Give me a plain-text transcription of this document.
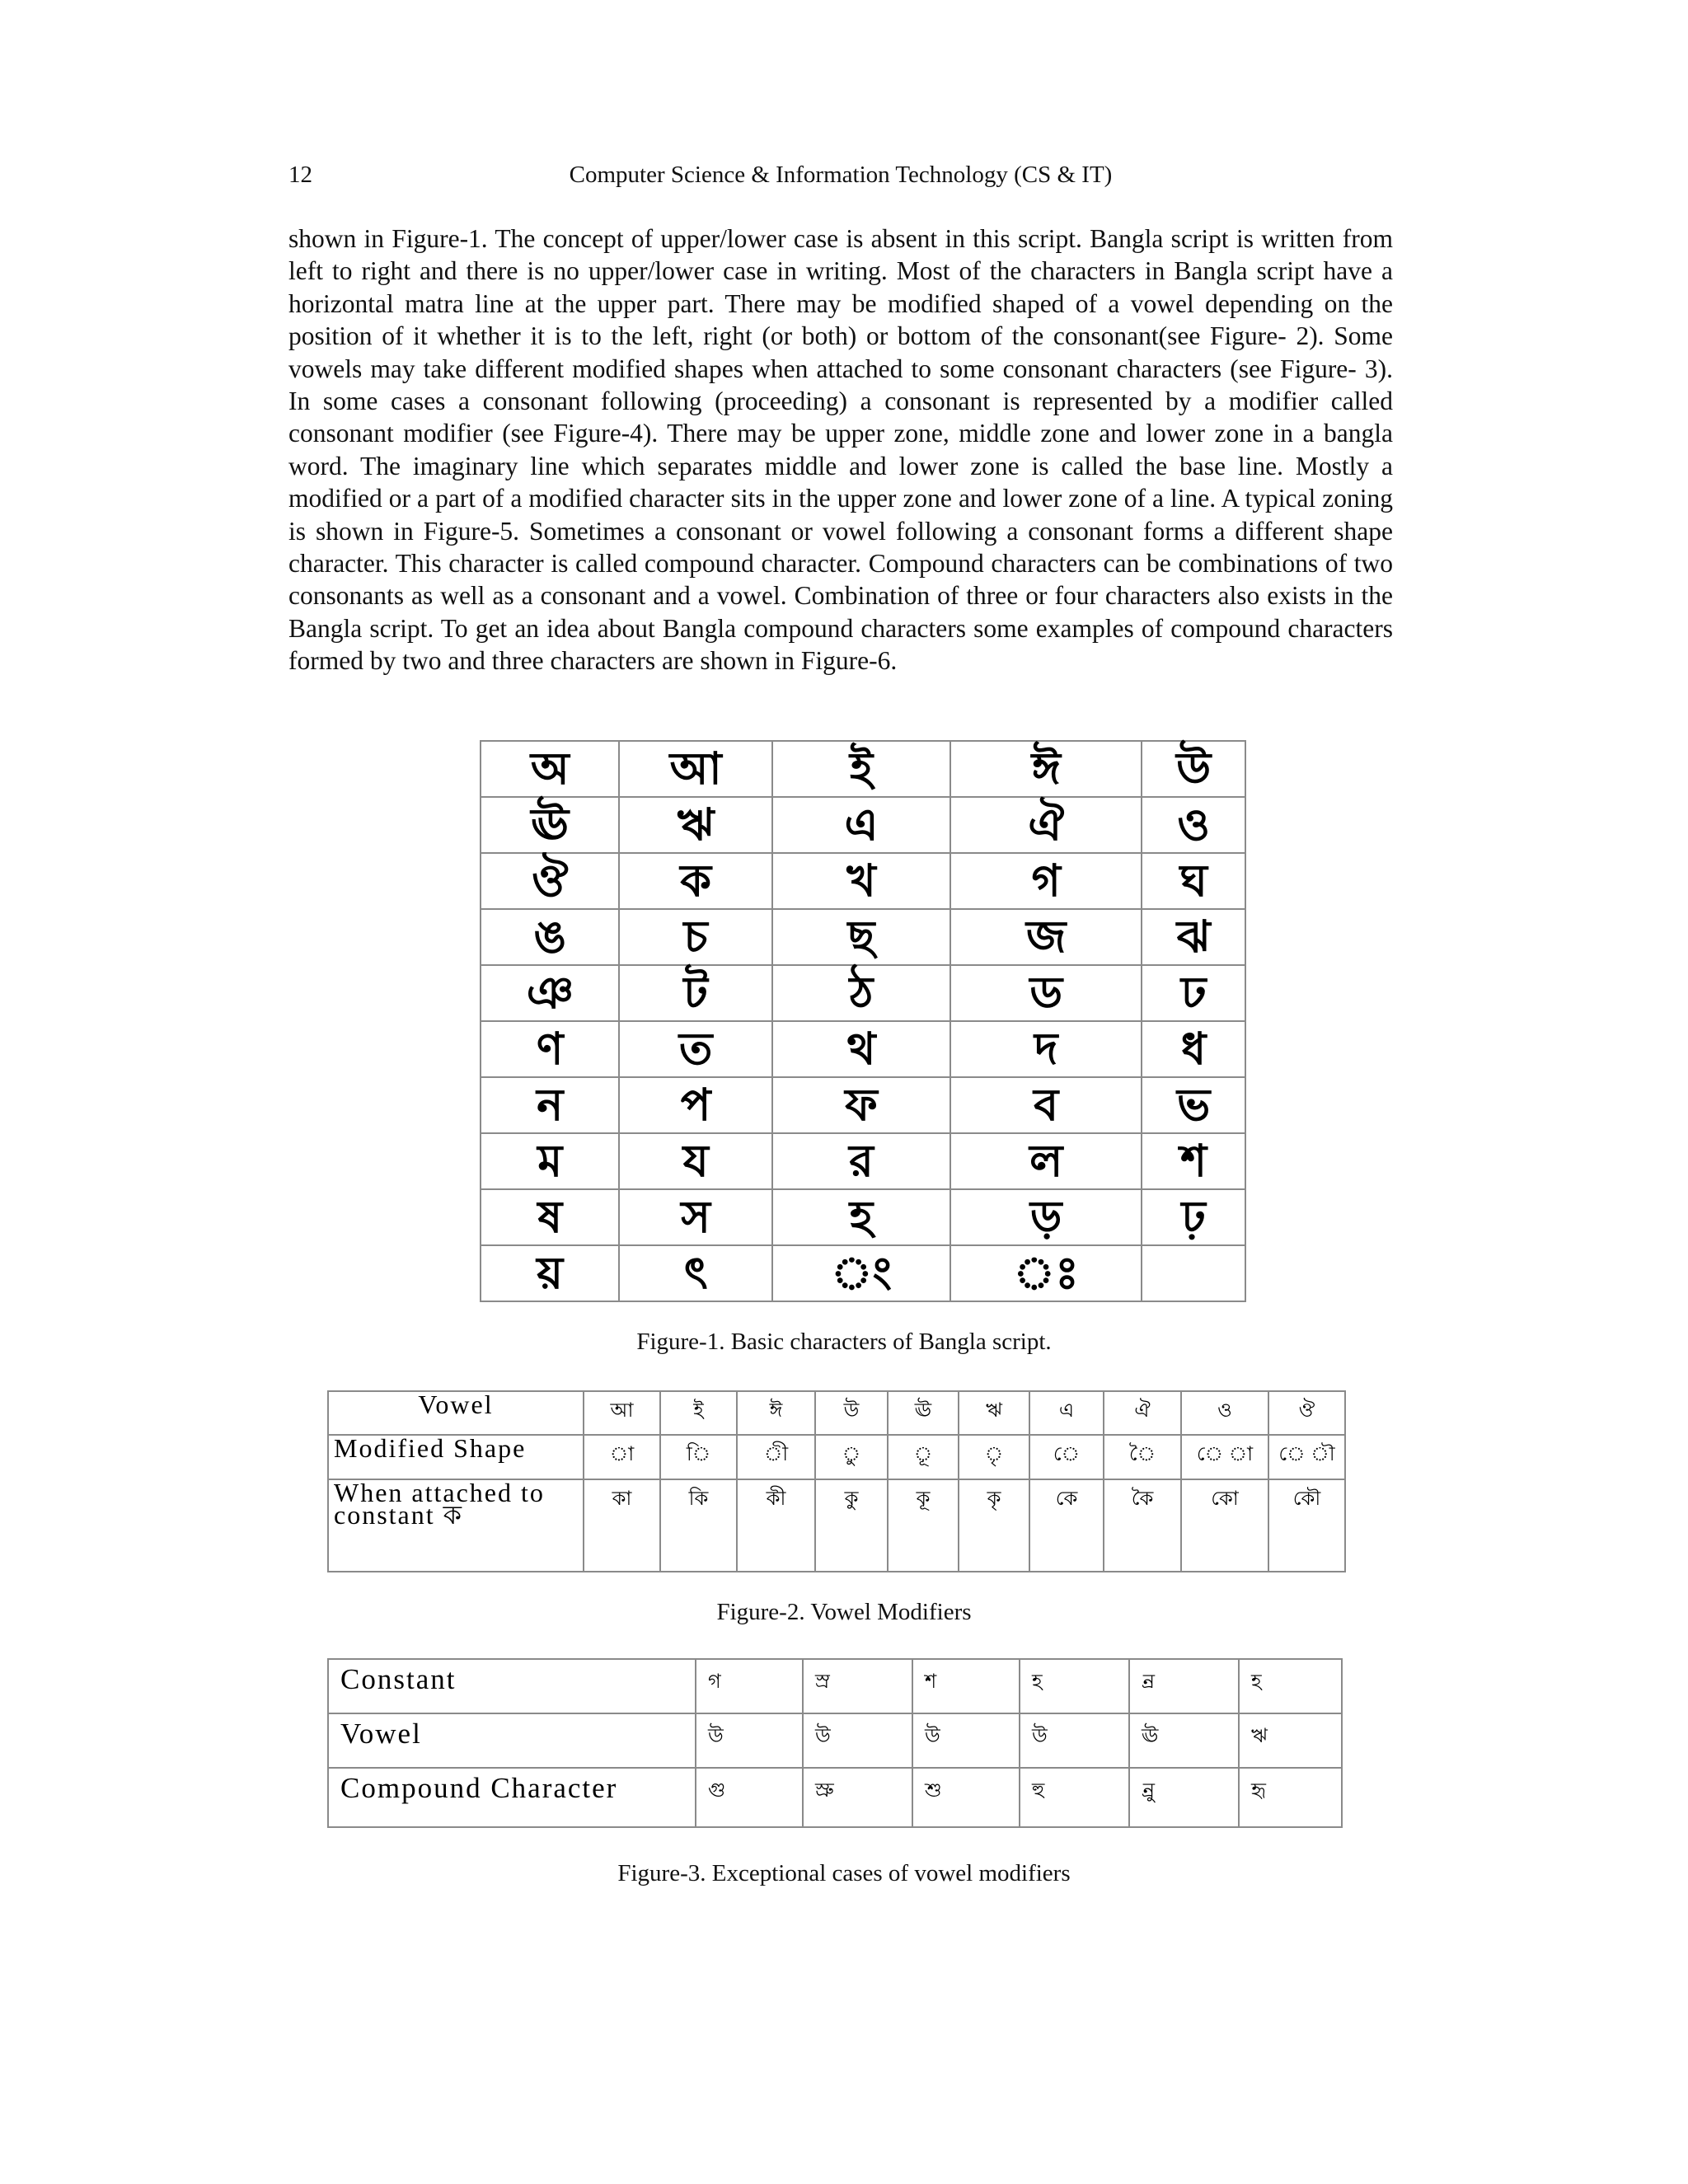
12	Computer Science & Information Technology (CS & IT)

shown in Figure-1. The concept of upper/lower case is absent in this script. Bangla script is written from left to right and there is no upper/lower case in writing. Most of the characters in Bangla script have a horizontal matra line at the upper part. There may be modified shaped of a vowel depending on the position of it whether it is to the left, right (or both) or bottom of the consonant(see Figure- 2). Some vowels may take different modified shapes when attached to some consonant characters (see Figure- 3). In some cases a consonant following (proceeding) a consonant is represented by a modifier called consonant modifier (see Figure-4). There may be upper zone, middle zone and lower zone in a bangla word. The imaginary line which separates middle and lower zone is called the base line. Mostly a modified or a part of a modified character sits in the upper zone and lower zone of a line. A typical zoning is shown in Figure-5. Sometimes a consonant or vowel following a consonant forms a different shape character. This character is called compound character. Compound characters can be combinations of two consonants as well as a consonant and a vowel. Combination of three or four characters also exists in the Bangla script. To get an idea about Bangla compound characters some examples of compound characters formed by two and three characters are shown in Figure-6.

অ	আ	ই	ঈ	উ
ঊ	ঋ	এ	ঐ	ও
ঔ	ক	খ	গ	ঘ
ঙ	চ	ছ	জ	ঝ
ঞ	ট	ঠ	ড	ঢ
ণ	ত	থ	দ	ধ
ন	প	ফ	ব	ভ
ম	য	র	ল	শ
ষ	স	হ	ড়	ঢ়
য়	ৎ	ং	ঃ	
Figure-1. Basic characters of Bangla script.
Vowel	আ	ই	ঈ	উ	ঊ	ঋ	এ	ঐ	ও	ঔ
Modified Shape	া	ি	ী	ু	ূ	ৃ	ে	ৈ	ে া	ে ৗ
When attached to constant ক	কা	কি	কী	কু	কূ	কৃ	কে	কৈ	কো	কৌ
Figure-2. Vowel Modifiers
Constant	গ	স্র	শ	হ	ন্র	হ
Vowel	উ	উ	উ	উ	ঊ	ঋ
Compound Character	গু	স্রু	শু	হু	ন্রু	হৃ
Figure-3. Exceptional cases of vowel modifiers
